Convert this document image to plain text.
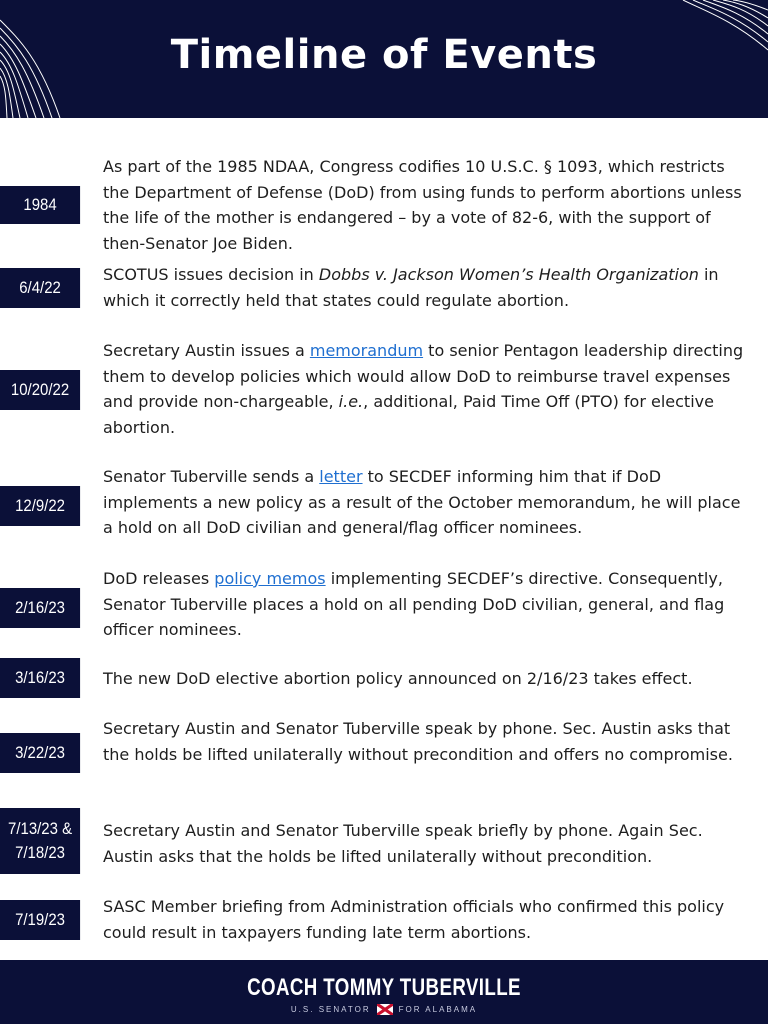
Timeline of Events
1984
As part of the 1985 NDAA, Congress codifies 10 U.S.C. § 1093, which restricts the Department of Defense (DoD) from using funds to perform abortions unless the life of the mother is endangered – by a vote of 82-6, with the support of then-Senator Joe Biden.
6/4/22
SCOTUS issues decision in Dobbs v. Jackson Women’s Health Organization in which it correctly held that states could regulate abortion.
10/20/22
Secretary Austin issues a memorandum to senior Pentagon leadership directing them to develop policies which would allow DoD to reimburse travel expenses and provide non-chargeable, i.e., additional, Paid Time Off (PTO) for elective abortion.
12/9/22
Senator Tuberville sends a letter to SECDEF informing him that if DoD implements a new policy as a result of the October memorandum, he will place a hold on all DoD civilian and general/flag officer nominees.
2/16/23
DoD releases policy memos implementing SECDEF’s directive. Consequently, Senator Tuberville places a hold on all pending DoD civilian, general, and flag officer nominees.
3/16/23	The new DoD elective abortion policy announced on 2/16/23 takes effect.
3/22/23
Secretary Austin and Senator Tuberville speak by phone. Sec. Austin asks that the holds be lifted unilaterally without precondition and offers no compromise.
7/13/23 & 7/18/23
Secretary Austin and Senator Tuberville speak briefly by phone. Again Sec. Austin asks that the holds be lifted unilaterally without precondition.
7/19/23
SASC Member briefing from Administration officials who confirmed this policy could result in taxpayers funding late term abortions.
COACH TOMMY TUBERVILLE
U.S. SENATOR	FOR ALABAMA
